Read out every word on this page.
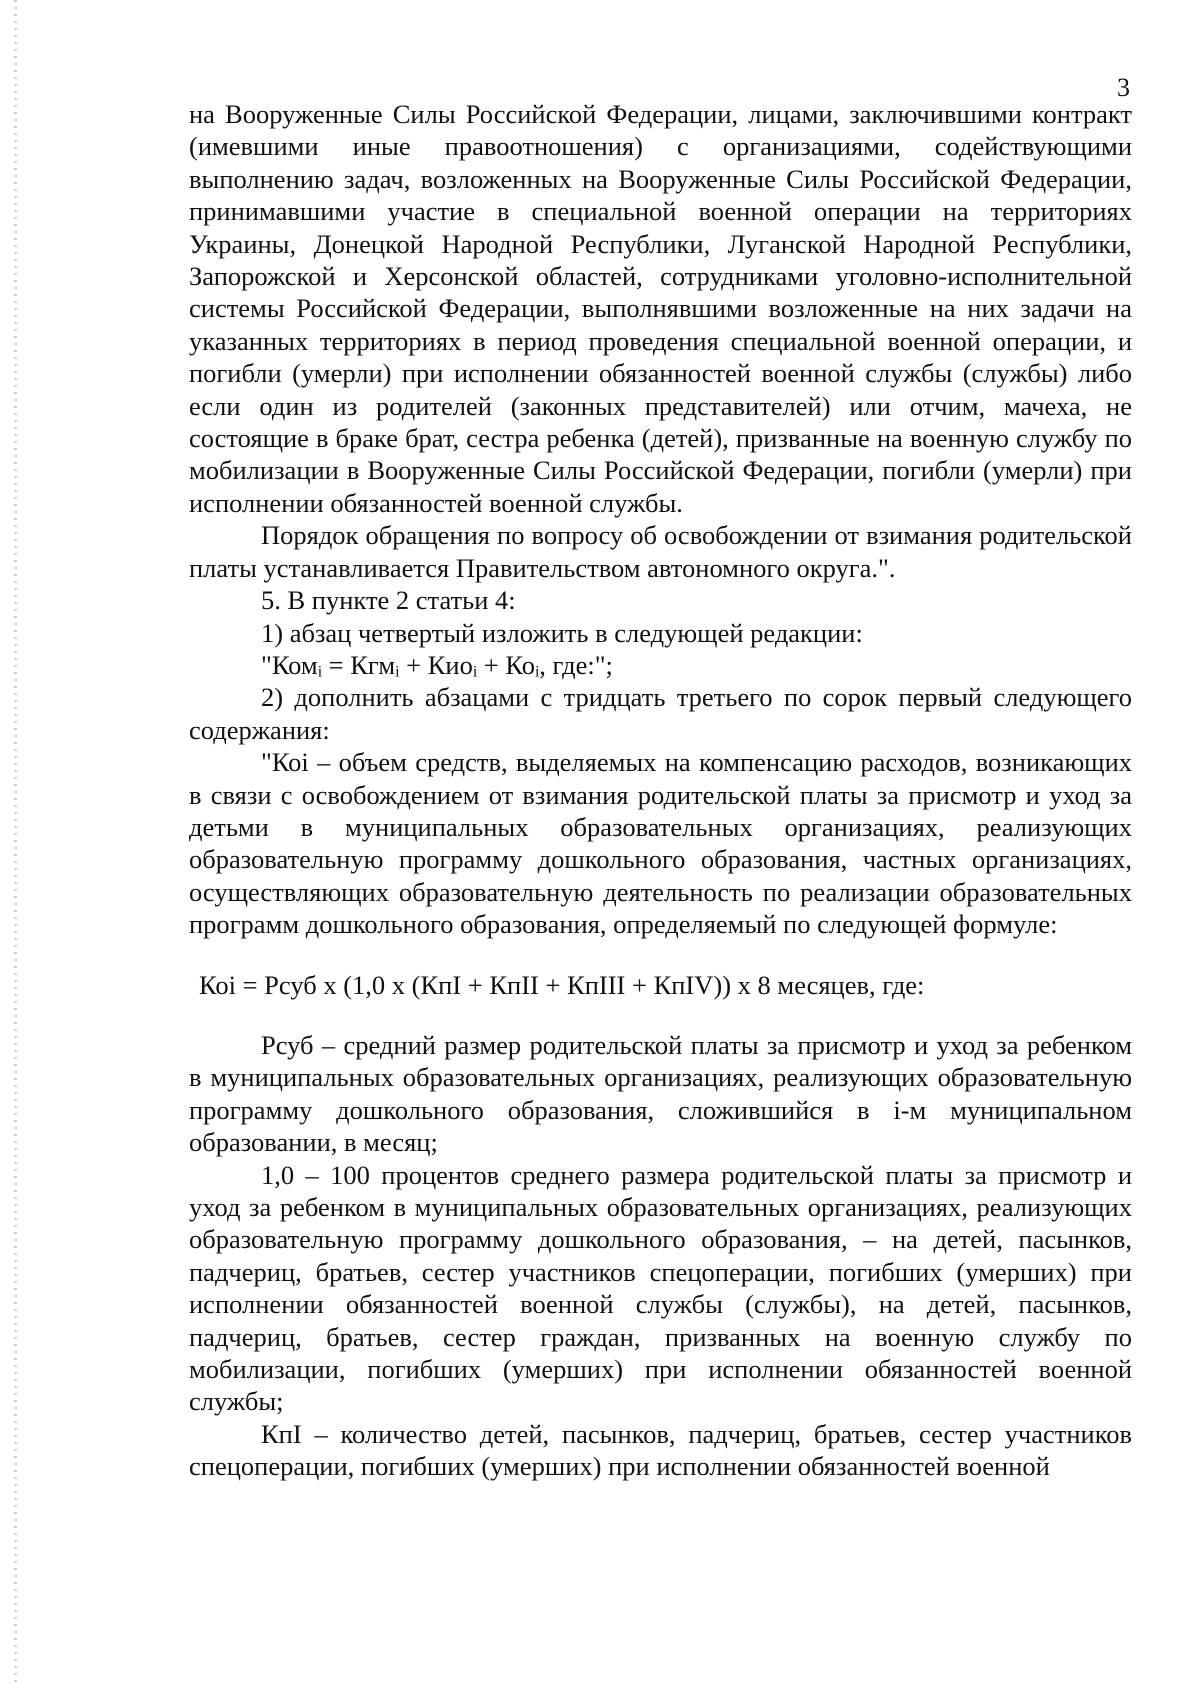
3

на Вооруженные Силы Российской Федерации, лицами, заключившими контракт (имевшими иные правоотношения) с организациями, содействующими выполнению задач, возложенных на Вооруженные Силы Российской Федерации, принимавшими участие в специальной военной операции на территориях Украины, Донецкой Народной Республики, Луганской Народной Республики, Запорожской и Херсонской областей, сотрудниками уголовно-исполнительной системы Российской Федерации, выполнявшими возложенные на них задачи на указанных территориях в период проведения специальной военной операции, и погибли (умерли) при исполнении обязанностей военной службы (службы) либо если один из родителей (законных представителей) или отчим, мачеха, не состоящие в браке брат, сестра ребенка (детей), призванные на военную службу по мобилизации в Вооруженные Силы Российской Федерации, погибли (умерли) при исполнении обязанностей военной службы.

Порядок обращения по вопросу об освобождении от взимания родительской платы устанавливается Правительством автономного округа.".

5. В пункте 2 статьи 4:

1) абзац четвертый изложить в следующей редакции:

"Комᵢ = Кгмᵢ + Киоᵢ + Коᵢ, где:";

2) дополнить абзацами с тридцать третьего по сорок первый следующего содержания:

"Коi – объем средств, выделяемых на компенсацию расходов, возникающих в связи с освобождением от взимания родительской платы за присмотр и уход за детьми в муниципальных образовательных организациях, реализующих образовательную программу дошкольного образования, частных организациях, осуществляющих образовательную деятельность по реализации образовательных программ дошкольного образования, определяемый по следующей формуле:

Коi = Рсуб х (1,0 х (КпI + КпII + КпIII + КпIV)) х 8 месяцев, где:

Рсуб – средний размер родительской платы за присмотр и уход за ребенком в муниципальных образовательных организациях, реализующих образовательную программу дошкольного образования, сложившийся в i-м муниципальном образовании, в месяц;

1,0 – 100 процентов среднего размера родительской платы за присмотр и уход за ребенком в муниципальных образовательных организациях, реализующих образовательную программу дошкольного образования, – на детей, пасынков, падчериц, братьев, сестер участников спецоперации, погибших (умерших) при исполнении обязанностей военной службы (службы), на детей, пасынков, падчериц, братьев, сестер граждан, призванных на военную службу по мобилизации, погибших (умерших) при исполнении обязанностей военной службы;

КпI – количество детей, пасынков, падчериц, братьев, сестер участников спецоперации, погибших (умерших) при исполнении обязанностей военной
